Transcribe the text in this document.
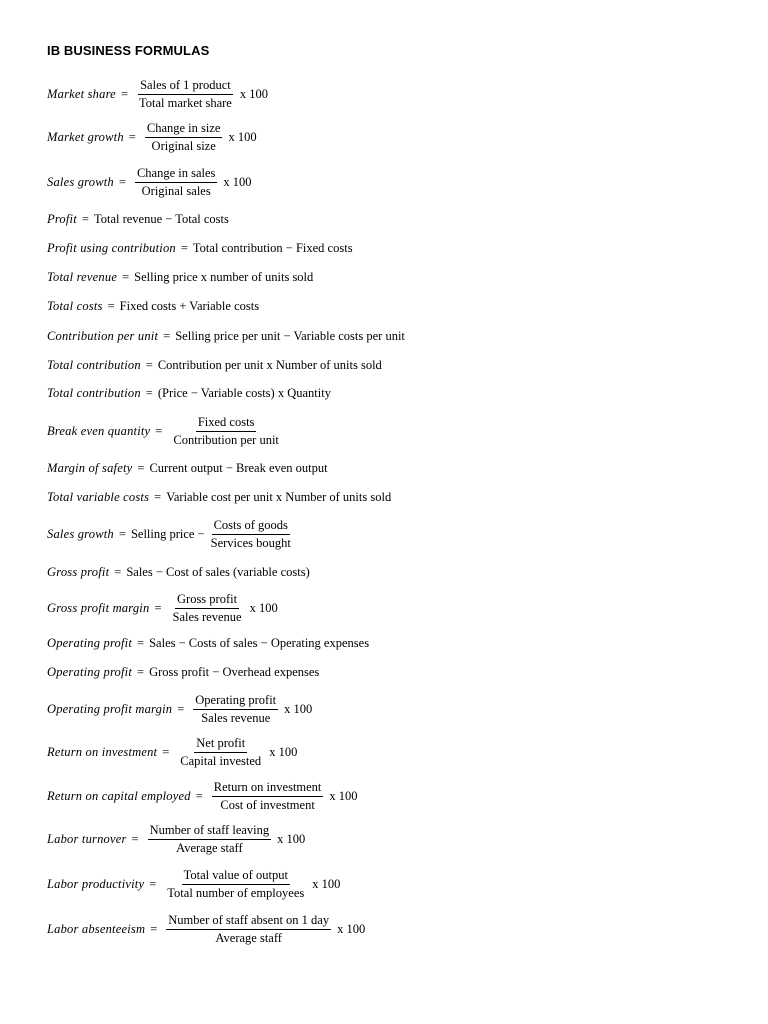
IB BUSINESS FORMULAS
Market share = $\frac{\text{Sales of 1 product}}{\text{Total market share}}$ x 100
Market growth = $\frac{\text{Change in size}}{\text{Original size}}$ x 100
Sales growth = $\frac{\text{Change in sales}}{\text{Original sales}}$ x 100
Profit = Total revenue − Total costs
Profit using contribution = Total contribution − Fixed costs
Total revenue = Selling price x number of units sold
Total costs = Fixed costs + Variable costs
Contribution per unit = Selling price per unit − Variable costs per unit
Total contribution = Contribution per unit x Number of units sold
Total contribution = (Price − Variable costs) x Quantity
Break even quantity = $\frac{\text{Fixed costs}}{\text{Contribution per unit}}$
Margin of safety = Current output − Break even output
Total variable costs = Variable cost per unit x Number of units sold
Sales growth = Selling price − $\frac{\text{Costs of goods}}{\text{Services bought}}$
Gross profit = Sales − Cost of sales (variable costs)
Gross profit margin = $\frac{\text{Gross profit}}{\text{Sales revenue}}$ x 100
Operating profit = Sales − Costs of sales − Operating expenses
Operating profit = Gross profit − Overhead expenses
Operating profit margin = $\frac{\text{Operating profit}}{\text{Sales revenue}}$ x 100
Return on investment = $\frac{\text{Net profit}}{\text{Capital invested}}$ x 100
Return on capital employed = $\frac{\text{Return on investment}}{\text{Cost of investment}}$ x 100
Labor turnover = $\frac{\text{Number of staff leaving}}{\text{Average staff}}$ x 100
Labor productivity = $\frac{\text{Total value of output}}{\text{Total number of employees}}$ x 100
Labor absenteeism = $\frac{\text{Number of staff absent on 1 day}}{\text{Average staff}}$ x 100
